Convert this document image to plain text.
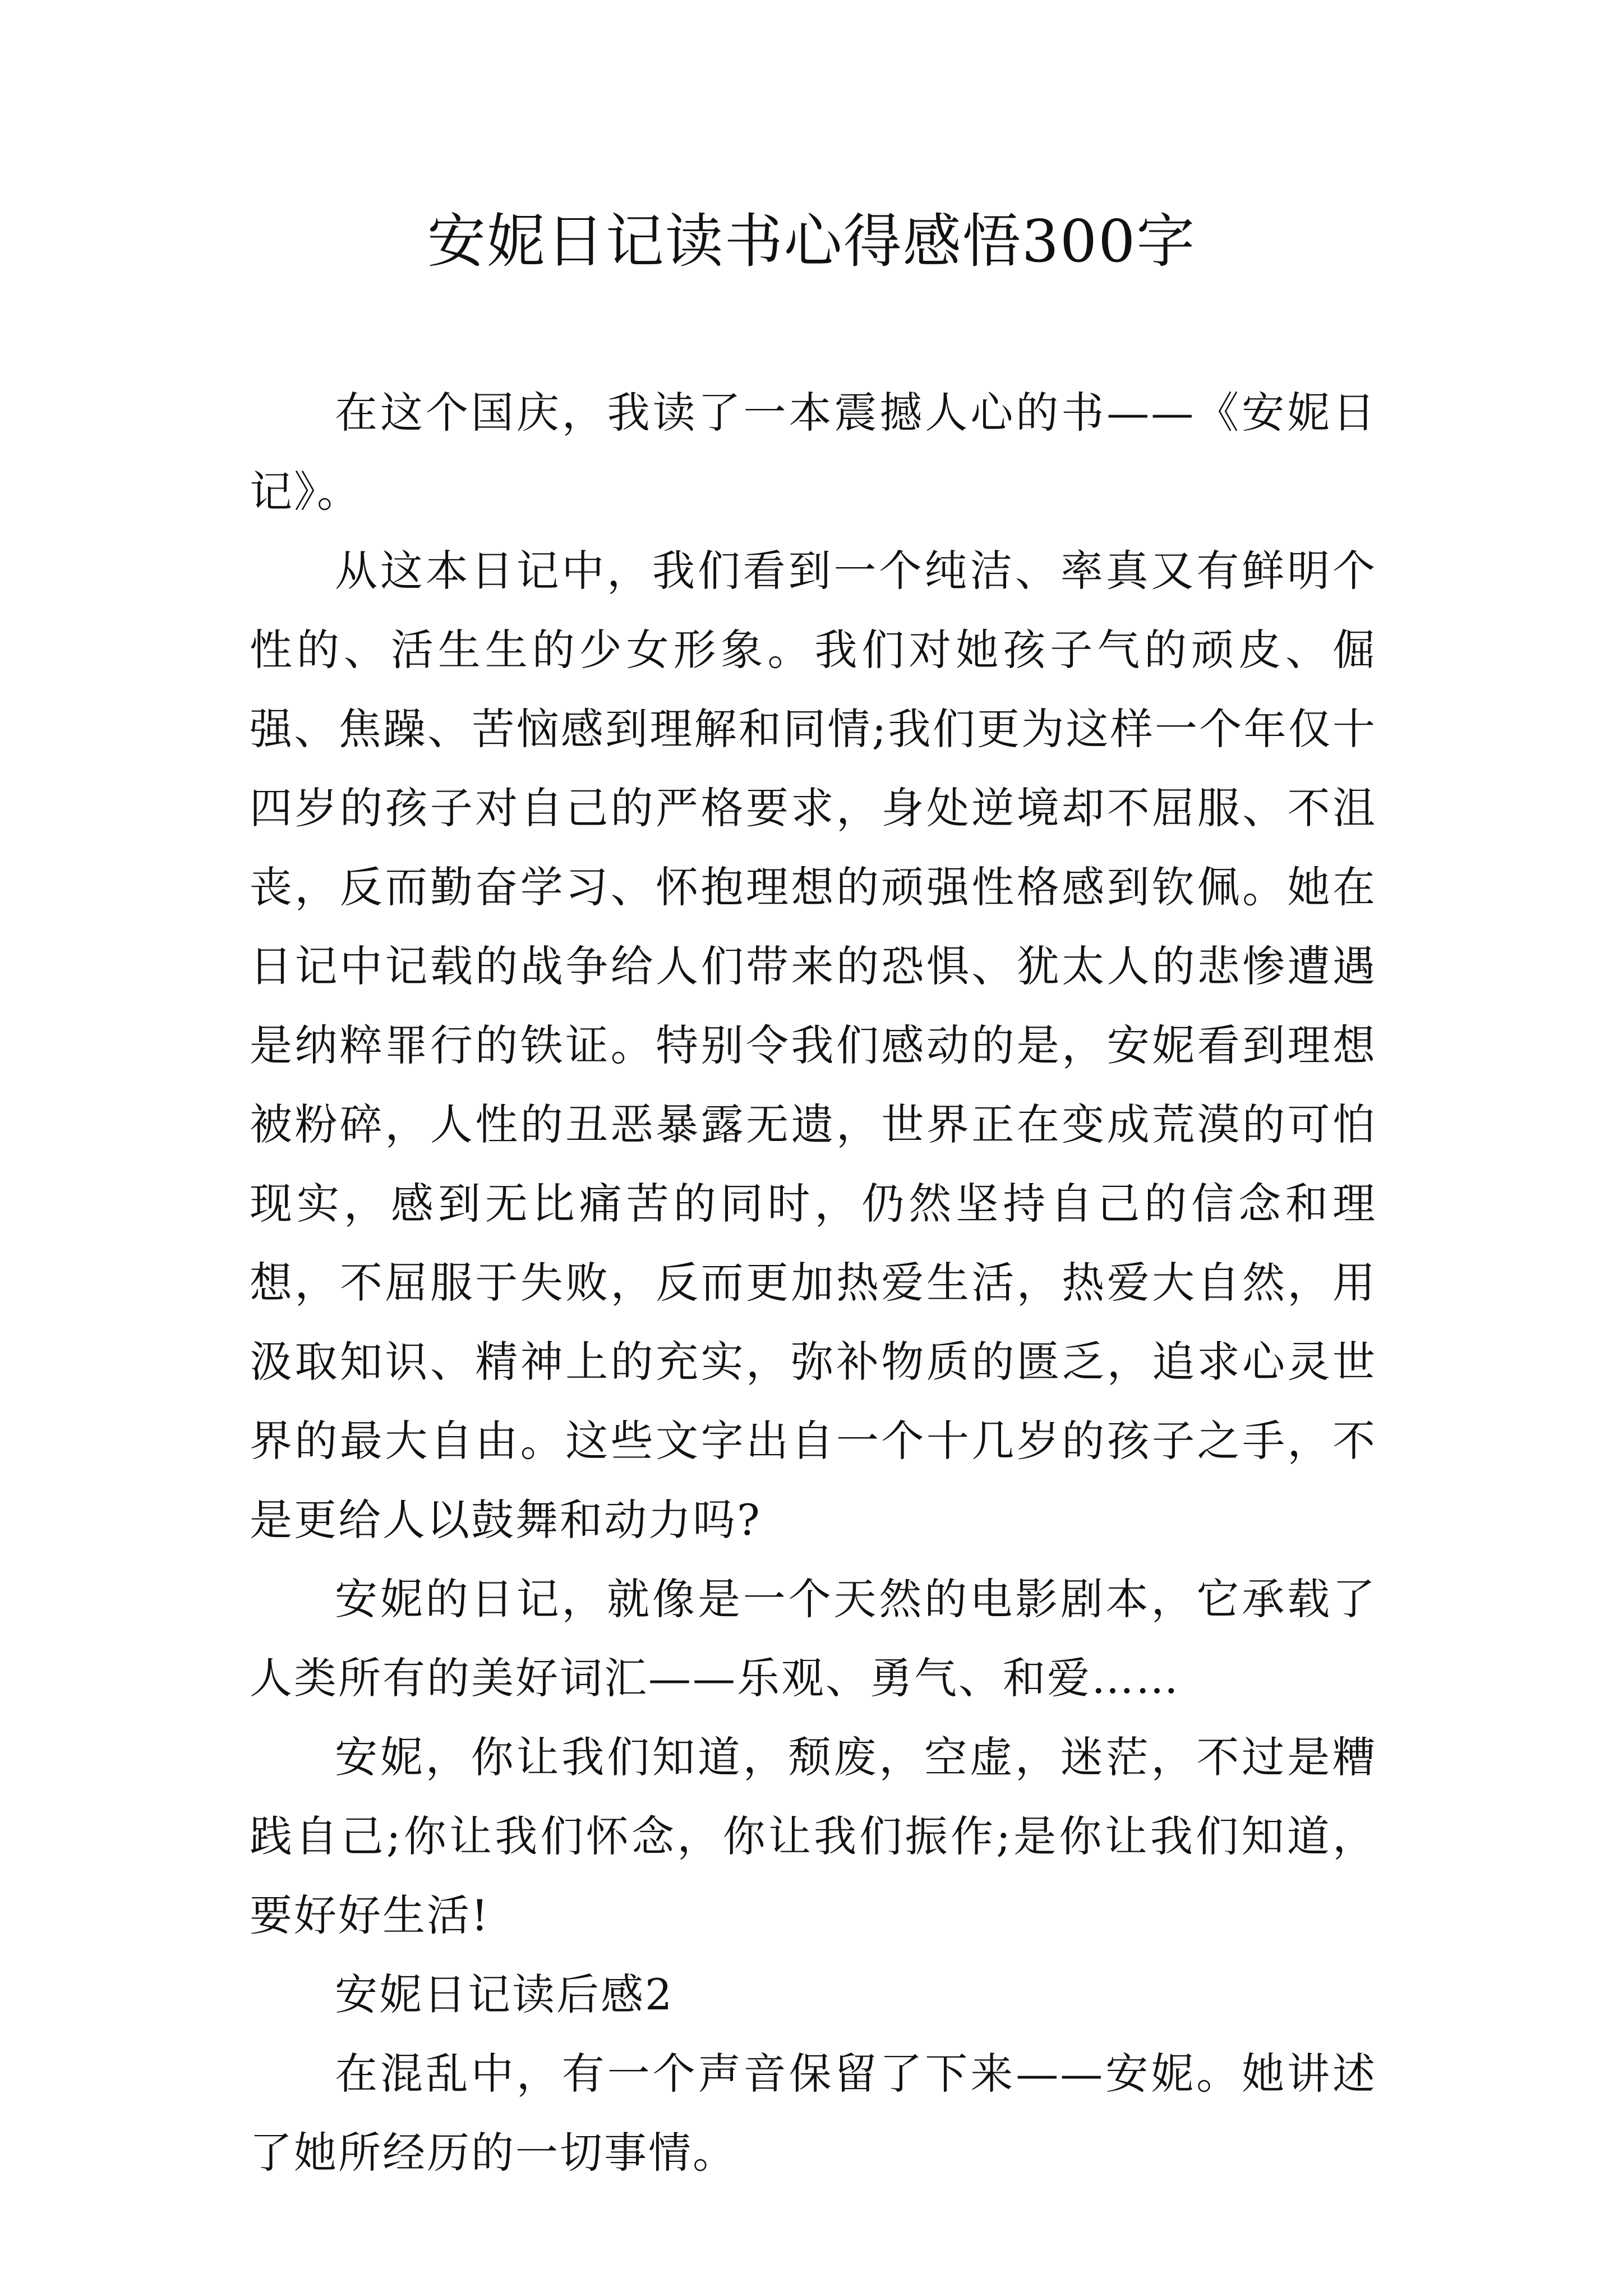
安妮日记读书心得感悟300字

在这个国庆，我读了一本震撼人心的书——《安妮日记》。

从这本日记中，我们看到一个纯洁、率真又有鲜明个性的、活生生的少女形象。我们对她孩子气的顽皮、倔强、焦躁、苦恼感到理解和同情;我们更为这样一个年仅十四岁的孩子对自己的严格要求，身处逆境却不屈服、不沮丧，反而勤奋学习、怀抱理想的顽强性格感到钦佩。她在日记中记载的战争给人们带来的恐惧、犹太人的悲惨遭遇是纳粹罪行的铁证。特别令我们感动的是，安妮看到理想被粉碎，人性的丑恶暴露无遗，世界正在变成荒漠的可怕现实，感到无比痛苦的同时，仍然坚持自己的信念和理想，不屈服于失败，反而更加热爱生活，热爱大自然，用汲取知识、精神上的充实，弥补物质的匮乏，追求心灵世界的最大自由。这些文字出自一个十几岁的孩子之手，不是更给人以鼓舞和动力吗?

安妮的日记，就像是一个天然的电影剧本，它承载了人类所有的美好词汇——乐观、勇气、和爱……

安妮，你让我们知道，颓废，空虚，迷茫，不过是糟践自己;你让我们怀念，你让我们振作;是你让我们知道，要好好生活!

安妮日记读后感2

在混乱中，有一个声音保留了下来——安妮。她讲述了她所经历的一切事情。
